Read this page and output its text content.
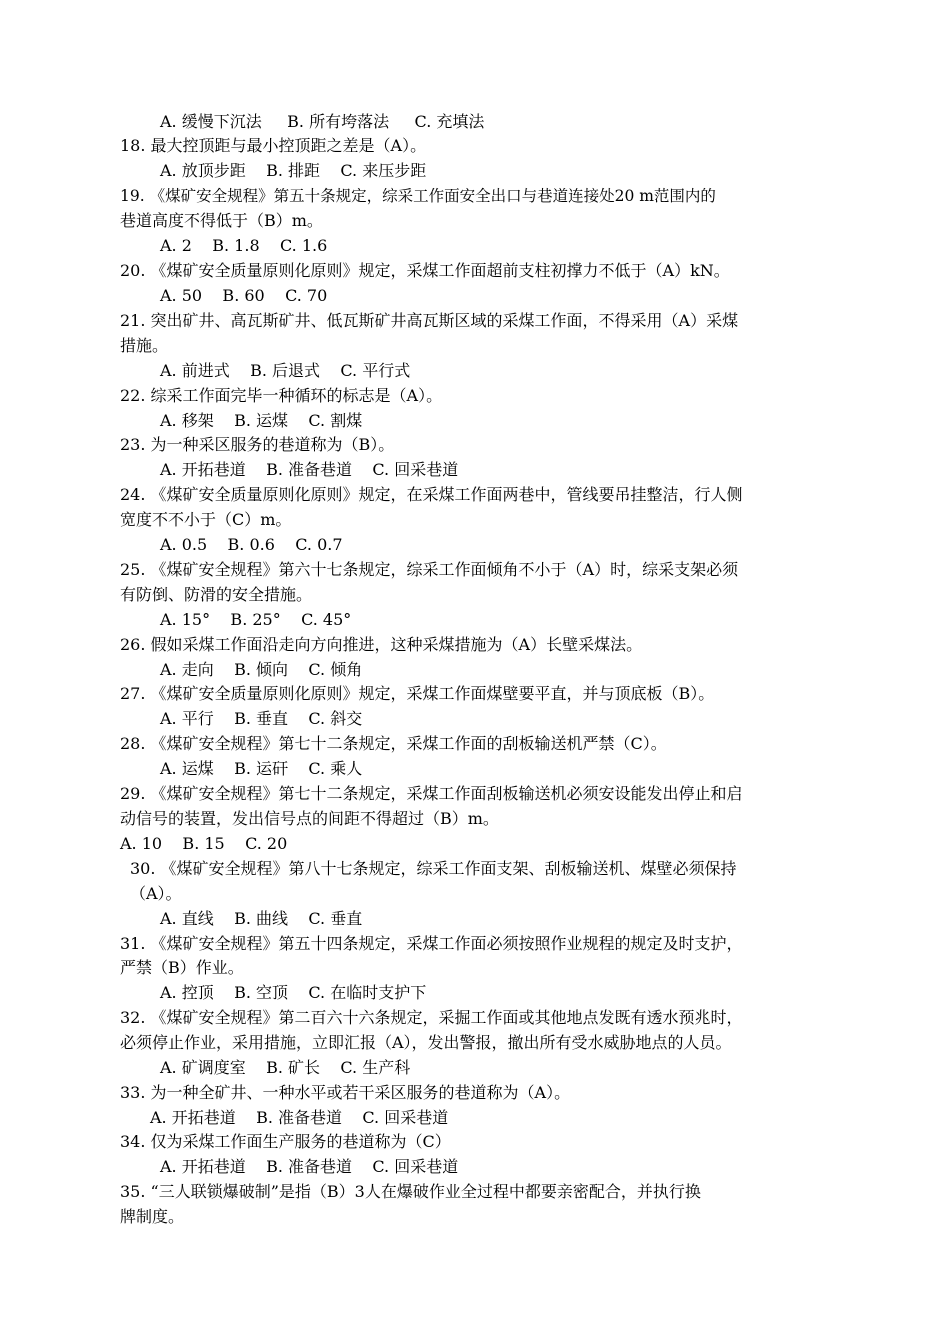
A. 缓慢下沉法     B. 所有垮落法     C. 充填法
18. 最大控顶距与最小控顶距之差是（A）。
A. 放顶步距    B. 排距    C. 来压步距
19. 《煤矿安全规程》第五十条规定，综采工作面安全出口与巷道连接处20 m范围内的
巷道高度不得低于（B）m。
A. 2    B. 1.8    C. 1.6
20. 《煤矿安全质量原则化原则》规定，采煤工作面超前支柱初撑力不低于（A）kN。
A. 50    B. 60    C. 70
21. 突出矿井、高瓦斯矿井、低瓦斯矿井高瓦斯区域的采煤工作面，不得采用（A）采煤
措施。
A. 前进式    B. 后退式    C. 平行式
22. 综采工作面完毕一种循环的标志是（A）。
A. 移架    B. 运煤    C. 割煤
23. 为一种采区服务的巷道称为（B）。
A. 开拓巷道    B. 准备巷道    C. 回采巷道
24. 《煤矿安全质量原则化原则》规定，在采煤工作面两巷中，管线要吊挂整洁，行人侧
宽度不不小于（C）m。
A. 0.5    B. 0.6    C. 0.7
25. 《煤矿安全规程》第六十七条规定，综采工作面倾角不小于（A）时，综采支架必须
有防倒、防滑的安全措施。
A. 15°    B. 25°    C. 45°
26. 假如采煤工作面沿走向方向推进，这种采煤措施为（A）长壁采煤法。
A. 走向    B. 倾向    C. 倾角
27. 《煤矿安全质量原则化原则》规定，采煤工作面煤壁要平直，并与顶底板（B）。
A. 平行    B. 垂直    C. 斜交
28. 《煤矿安全规程》第七十二条规定，采煤工作面的刮板输送机严禁（C）。
A. 运煤    B. 运矸    C. 乘人
29. 《煤矿安全规程》第七十二条规定，采煤工作面刮板输送机必须安设能发出停止和启
动信号的装置，发出信号点的间距不得超过（B）m。
A. 10    B. 15    C. 20
30. 《煤矿安全规程》第八十七条规定，综采工作面支架、刮板输送机、煤壁必须保持
（A）。
A. 直线    B. 曲线    C. 垂直
31. 《煤矿安全规程》第五十四条规定，采煤工作面必须按照作业规程的规定及时支护，
严禁（B）作业。
A. 控顶    B. 空顶    C. 在临时支护下
32. 《煤矿安全规程》第二百六十六条规定，采掘工作面或其他地点发既有透水预兆时，
必须停止作业，采用措施，立即汇报（A），发出警报，撤出所有受水威胁地点的人员。
A. 矿调度室    B. 矿长    C. 生产科
33. 为一种全矿井、一种水平或若干采区服务的巷道称为（A）。
A. 开拓巷道    B. 准备巷道    C. 回采巷道
34. 仅为采煤工作面生产服务的巷道称为（C）
A. 开拓巷道    B. 准备巷道    C. 回采巷道
35. “三人联锁爆破制”是指（B）3人在爆破作业全过程中都要亲密配合，并执行换
牌制度。
